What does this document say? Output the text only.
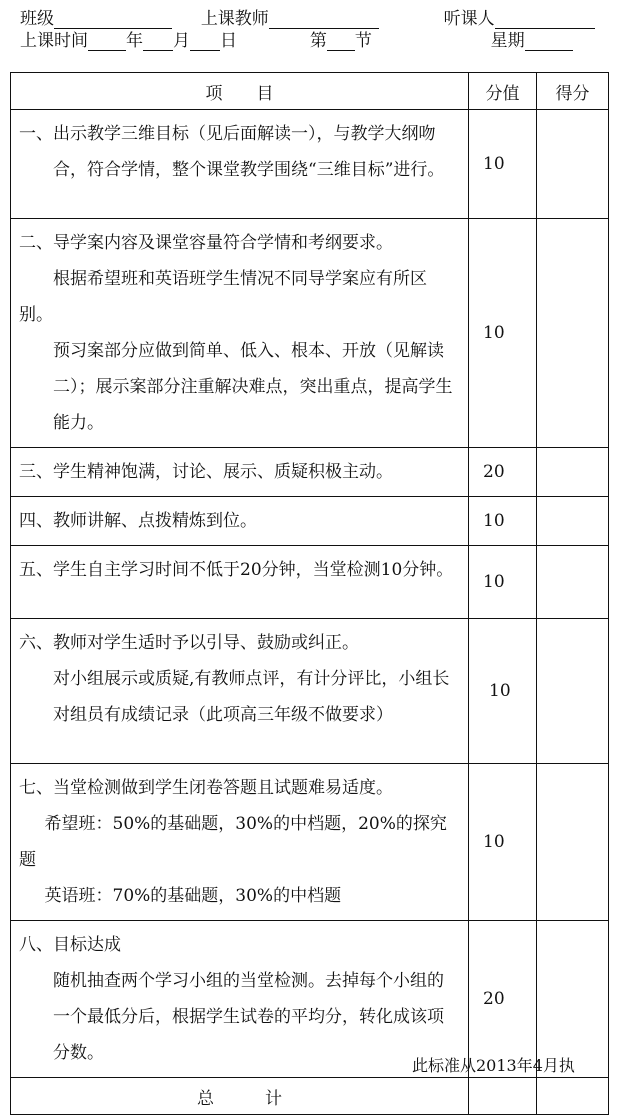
班级	上课教师	听课人
上课时间 年 月 日	第 节	星期
项　　目	分值	得分

一、出示教学三维目标（见后面解读一），与教学大纲吻合，符合学情，整个课堂教学围绕“三维目标”进行。	10	

二、导学案内容及课堂容量符合学情和考纲要求。

根据希望班和英语班学生情况不同导学案应有所区别。

预习案部分应做到简单、低入、根本、开放（见解读二）；展示案部分注重解决难点，突出重点，提高学生能力。	10	

三、学生精神饱满，讨论、展示、质疑积极主动。	20	

四、教师讲解、点拨精炼到位。	10	

五、学生自主学习时间不低于20分钟，当堂检测10分钟。	10	

六、教师对学生适时予以引导、鼓励或纠正。

对小组展示或质疑,有教师点评，有计分评比，小组长对组员有成绩记录（此项高三年级不做要求）	10	

七、当堂检测做到学生闭卷答题且试题难易适度。

希望班：50%的基础题，30%的中档题，20%的探究题

英语班：70%的基础题，30%的中档题	10	

八、目标达成

随机抽查两个学习小组的当堂检测。去掉每个小组的一个最低分后，根据学生试卷的平均分，转化成该项分数。	20	
总　　　计		
此标准从2013年4月执
